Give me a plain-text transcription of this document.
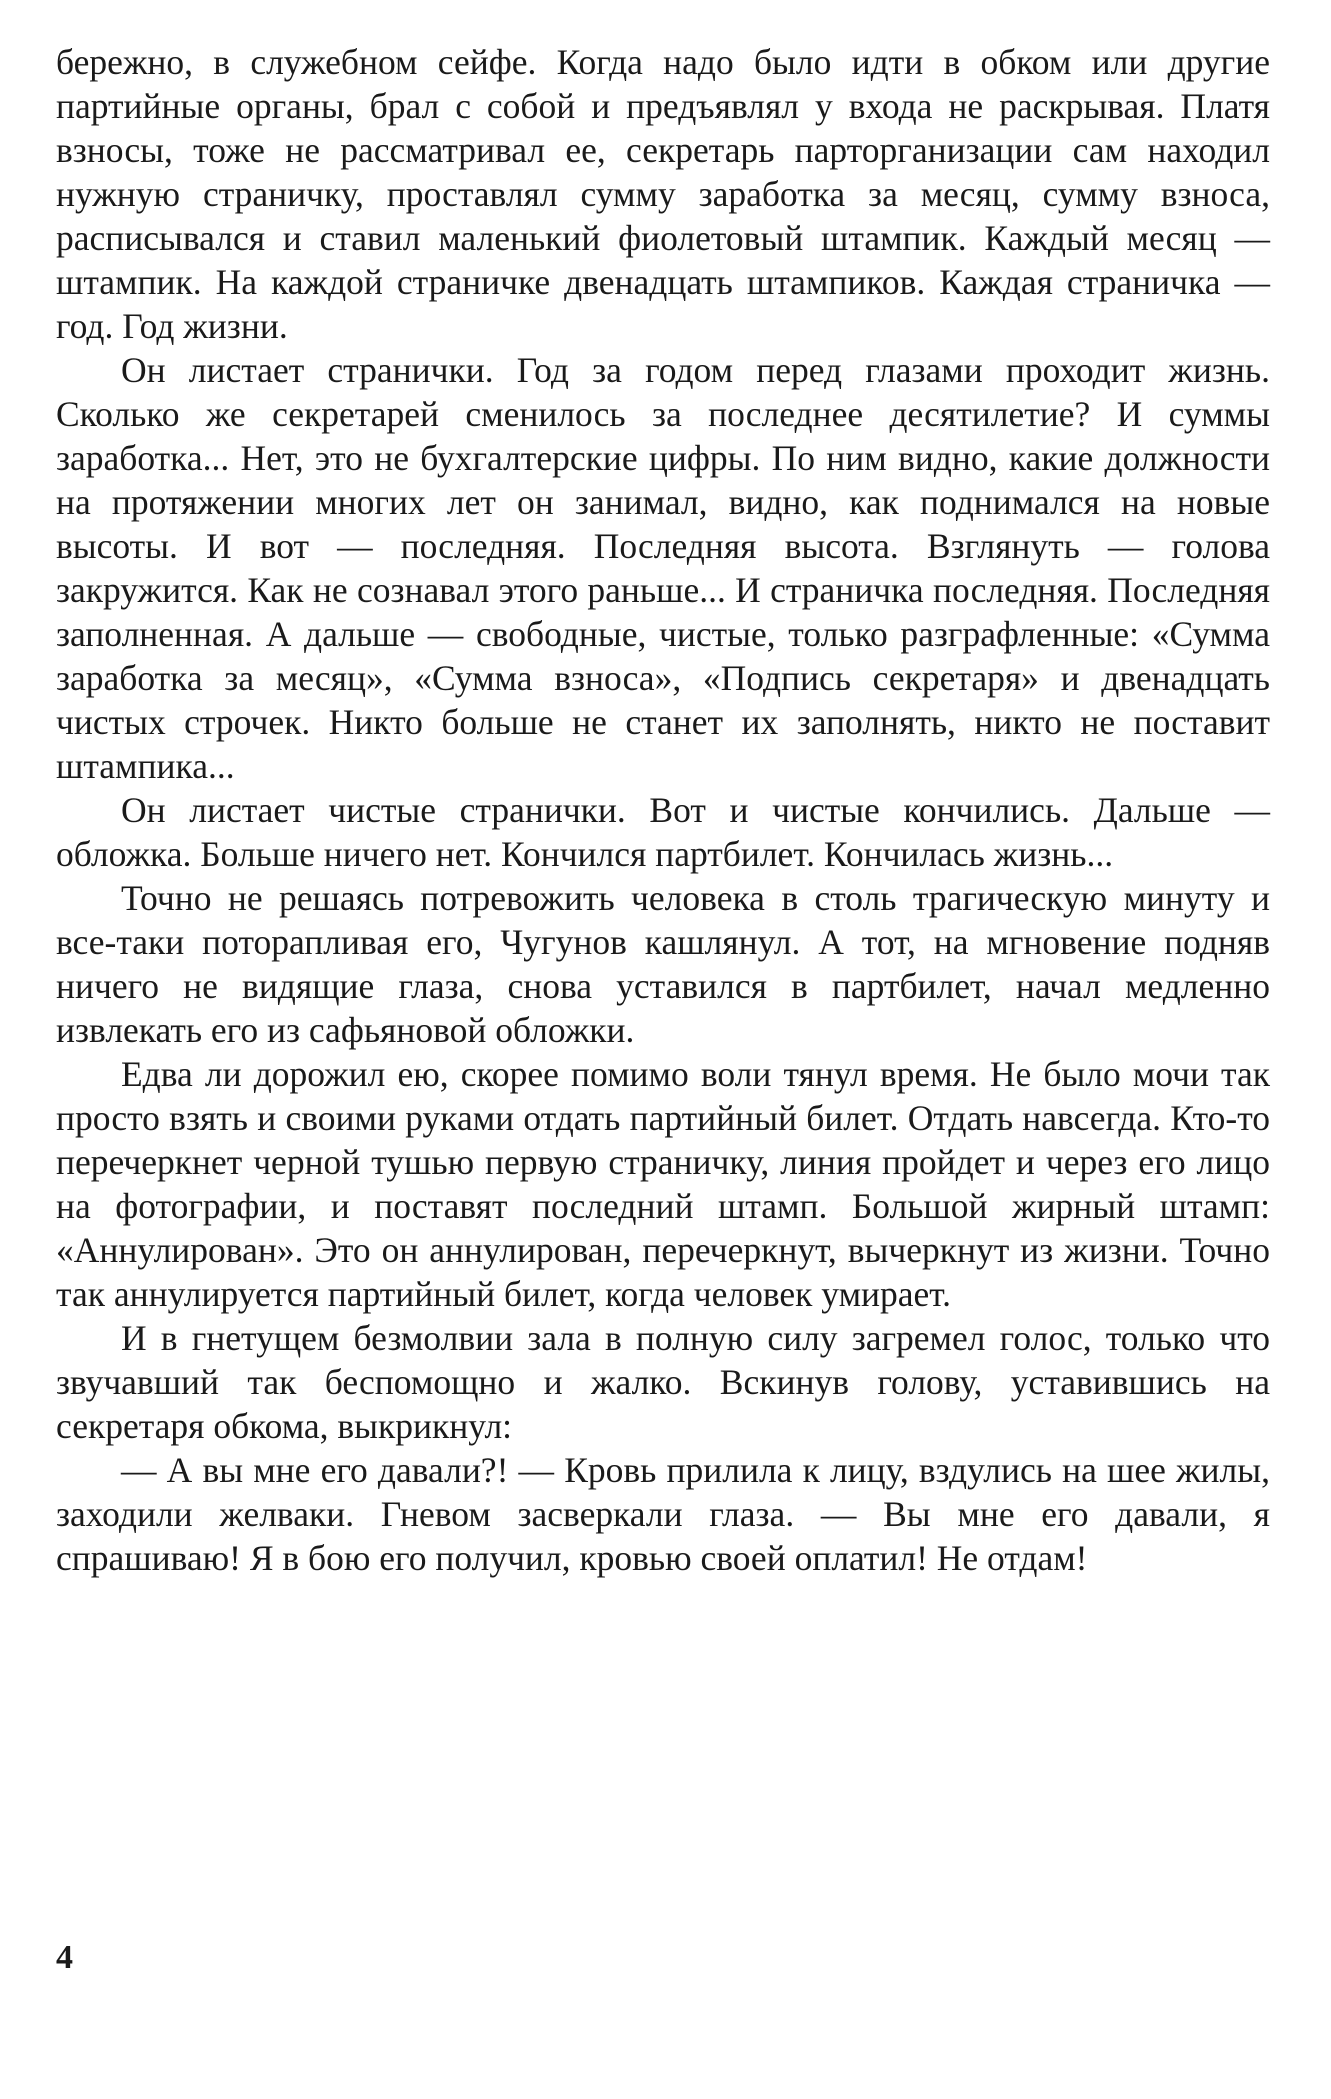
бережно, в служебном сейфе. Когда надо было идти в обком или другие партийные органы, брал с собой и предъявлял у входа не раскрывая. Платя взносы, тоже не рассматривал ее, секретарь парторганизации сам находил нужную страничку, проставлял сумму заработка за месяц, сумму взноса, расписывался и ставил маленький фиолетовый штампик. Каждый месяц — штампик. На каждой страничке двенадцать штампиков. Каждая страничка — год. Год жизни.

Он листает странички. Год за годом перед глазами проходит жизнь. Сколько же секретарей сменилось за последнее десятилетие? И суммы заработка... Нет, это не бухгалтерские цифры. По ним видно, какие должности на протяжении многих лет он занимал, видно, как поднимался на новые высоты. И вот — последняя. Последняя высота. Взглянуть — голова закружится. Как не сознавал этого раньше... И страничка последняя. Последняя заполненная. А дальше — свободные, чистые, только разграфленные: «Сумма заработка за месяц», «Сумма взноса», «Подпись секретаря» и двенадцать чистых строчек. Никто больше не станет их заполнять, никто не поставит штампика...

Он листает чистые странички. Вот и чистые кончились. Дальше — обложка. Больше ничего нет. Кончился партбилет. Кончилась жизнь...

Точно не решаясь потревожить человека в столь трагическую минуту и все-таки поторапливая его, Чугунов кашлянул. А тот, на мгновение подняв ничего не видящие глаза, снова уставился в партбилет, начал медленно извлекать его из сафьяновой обложки.

Едва ли дорожил ею, скорее помимо воли тянул время. Не было мочи так просто взять и своими руками отдать партийный билет. Отдать навсегда. Кто-то перечеркнет черной тушью первую страничку, линия пройдет и через его лицо на фотографии, и поставят последний штамп. Большой жирный штамп: «Аннулирован». Это он аннулирован, перечеркнут, вычеркнут из жизни. Точно так аннулируется партийный билет, когда человек умирает.

И в гнетущем безмолвии зала в полную силу загремел голос, только что звучавший так беспомощно и жалко. Вскинув голову, уставившись на секретаря обкома, выкрикнул:

— А вы мне его давали?! — Кровь прилила к лицу, вздулись на шее жилы, заходили желваки. Гневом засверкали глаза. — Вы мне его давали, я спрашиваю! Я в бою его получил, кровью своей оплатил! Не отдам!

4
